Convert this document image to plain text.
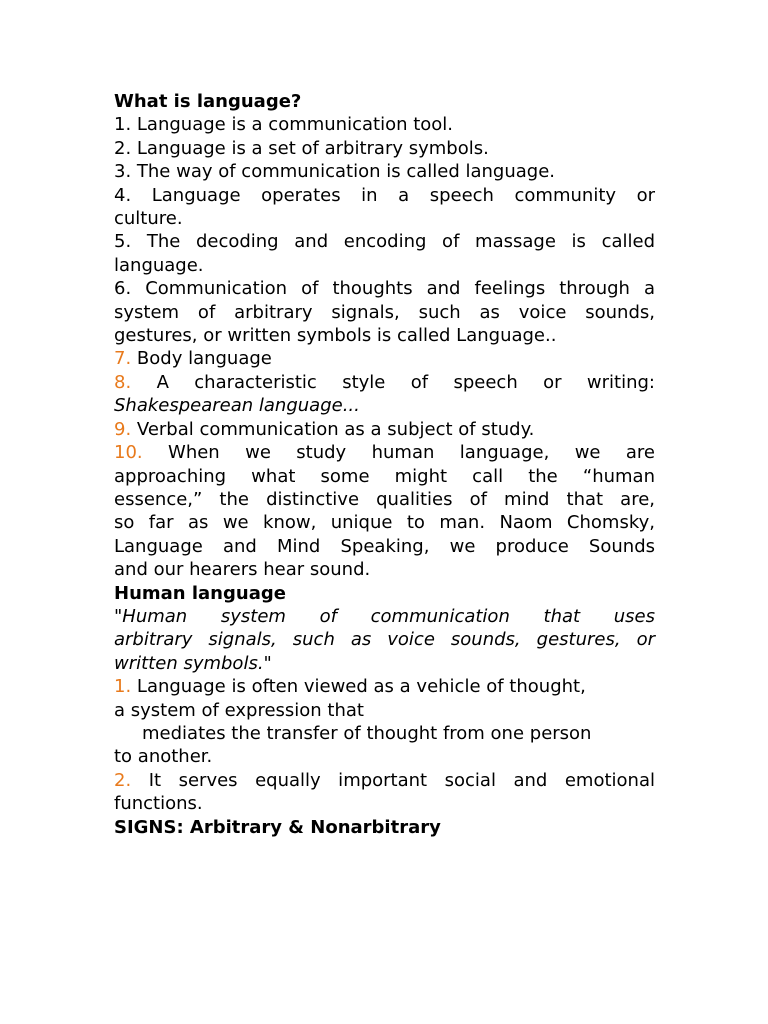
What is language?
1. Language is a communication tool.
2. Language is a set of arbitrary symbols.
3. The way of communication is called language.
4. Language operates in a speech community or
culture.
5. The decoding and encoding of massage is called
language.
6. Communication of thoughts and feelings through a
system of arbitrary signals, such as voice sounds,
gestures, or written symbols is called Language..
7. Body language
8. A characteristic style of speech or writing:
Shakespearean language...
9. Verbal communication as a subject of study.
10. When we study human language, we are
approaching what some might call the “human
essence,” the distinctive qualities of mind that are,
so far as we know, unique to man. Naom Chomsky,
Language and Mind Speaking, we produce Sounds
and our hearers hear sound.
Human language
"Human system of communication that uses
arbitrary signals, such as voice sounds, gestures, or
written symbols."
1. Language is often viewed as a vehicle of thought,
a system of expression that
mediates the transfer of thought from one person
to another.
2. It serves equally important social and emotional
functions.
SIGNS: Arbitrary & Nonarbitrary
